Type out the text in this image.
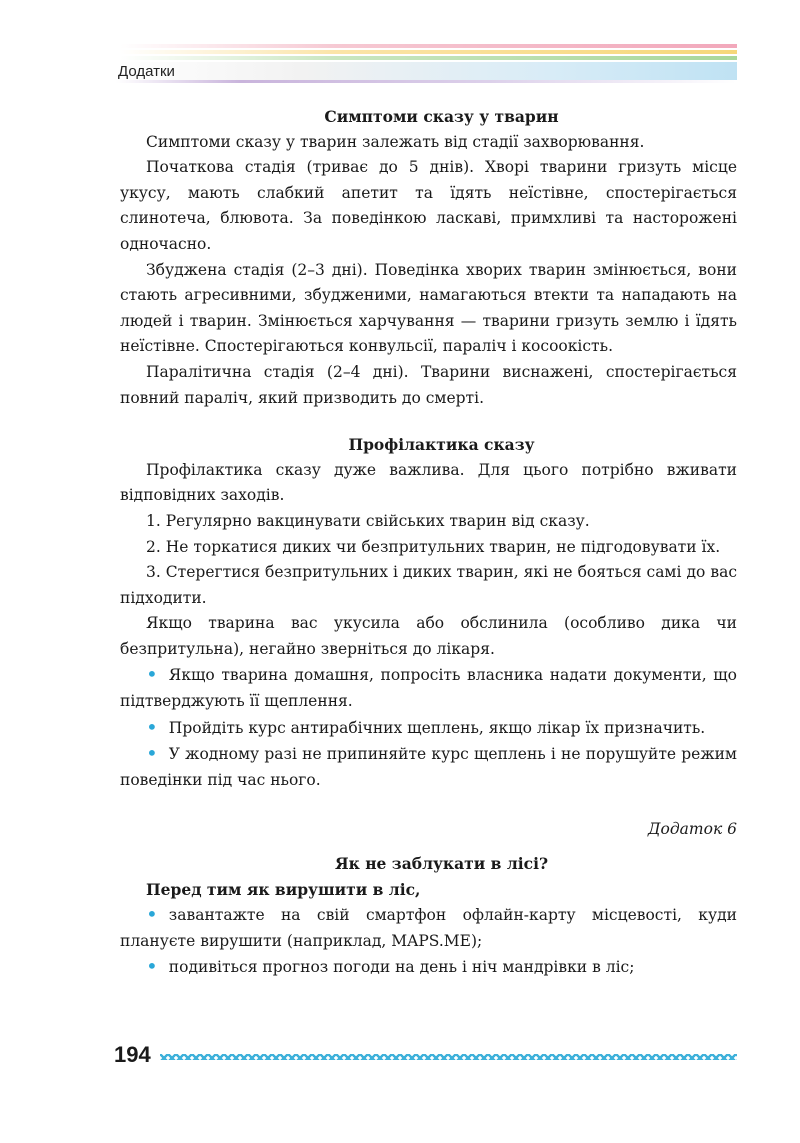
Додатки

Симптоми сказу у тварин

Симптоми сказу у тварин залежать від стадії захворювання.

Початкова стадія (триває до 5 днів). Хворі тварини гризуть місце укусу, мають слабкий апетит та їдять неїстівне, спостерігається слинотеча, блювота. За поведінкою ласкаві, примхливі та насторожені одночасно.

Збуджена стадія (2–3 дні). Поведінка хворих тварин змінюється, вони стають агресивними, збудженими, намагаються втекти та нападають на людей і тварин. Змінюється харчування — тварини гризуть землю і їдять неїстівне. Спостерігаються конвульсії, параліч і косоокість.

Паралітична стадія (2–4 дні). Тварини виснажені, спостерігається повний параліч, який призводить до смерті.

Профілактика сказу

Профілактика сказу дуже важлива. Для цього потрібно вживати відповідних заходів.

1. Регулярно вакцинувати свійських тварин від сказу.

2. Не торкатися диких чи безпритульних тварин, не підгодовувати їх.

3. Стерегтися безпритульних і диких тварин, які не бояться самі до вас підходити.

Якщо тварина вас укусила або обслинила (особливо дика чи безпритульна), негайно зверніться до лікаря.

• Якщо тварина домашня, попросіть власника надати документи, що підтверджують її щеплення.

• Пройдіть курс антирабічних щеплень, якщо лікар їх призначить.

• У жодному разі не припиняйте курс щеплень і не порушуйте режим поведінки під час нього.

Додаток 6

Як не заблукати в лісі?

Перед тим як вирушити в ліс,

• завантажте на свій смартфон офлайн-карту місцевості, куди плануєте вирушити (наприклад, MAPS.ME);

• подивіться прогноз погоди на день і ніч мандрівки в ліс;

194
